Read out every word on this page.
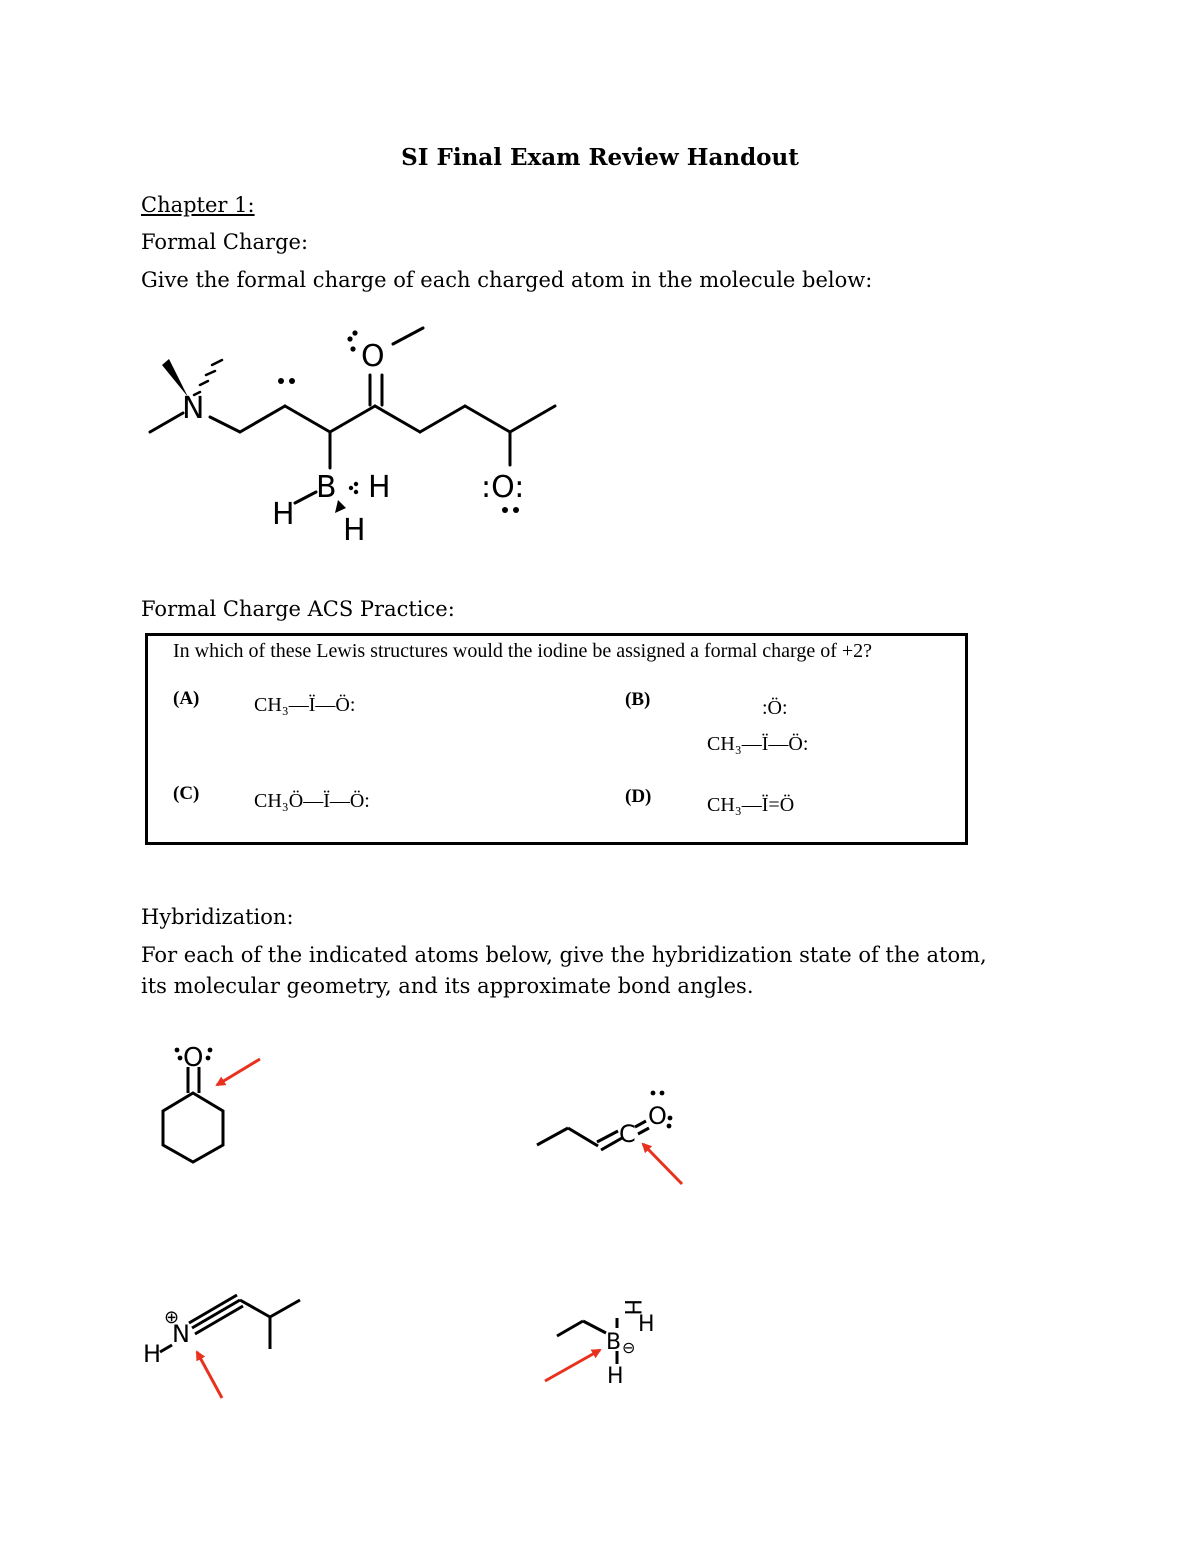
SI Final Exam Review Handout
Chapter 1:
Formal Charge:
Give the formal charge of each charged atom in the molecule below:
N
O
B
H
H
H
:O:
O
C
O
H
N
⊕
B
H
H
H
⊖
Formal Charge ACS Practice:
In which of these Lewis structures would the iodine be assigned a formal charge of +2?
(A)	CH₃—Ï—Ö:	(B)	:Ö:
CH₃—Ï—Ö:
(C)	CH₃Ö—Ï—Ö:	(D)	CH₃—Ï=Ö
Hybridization:
For each of the indicated atoms below, give the hybridization state of the atom, its molecular geometry, and its approximate bond angles.
